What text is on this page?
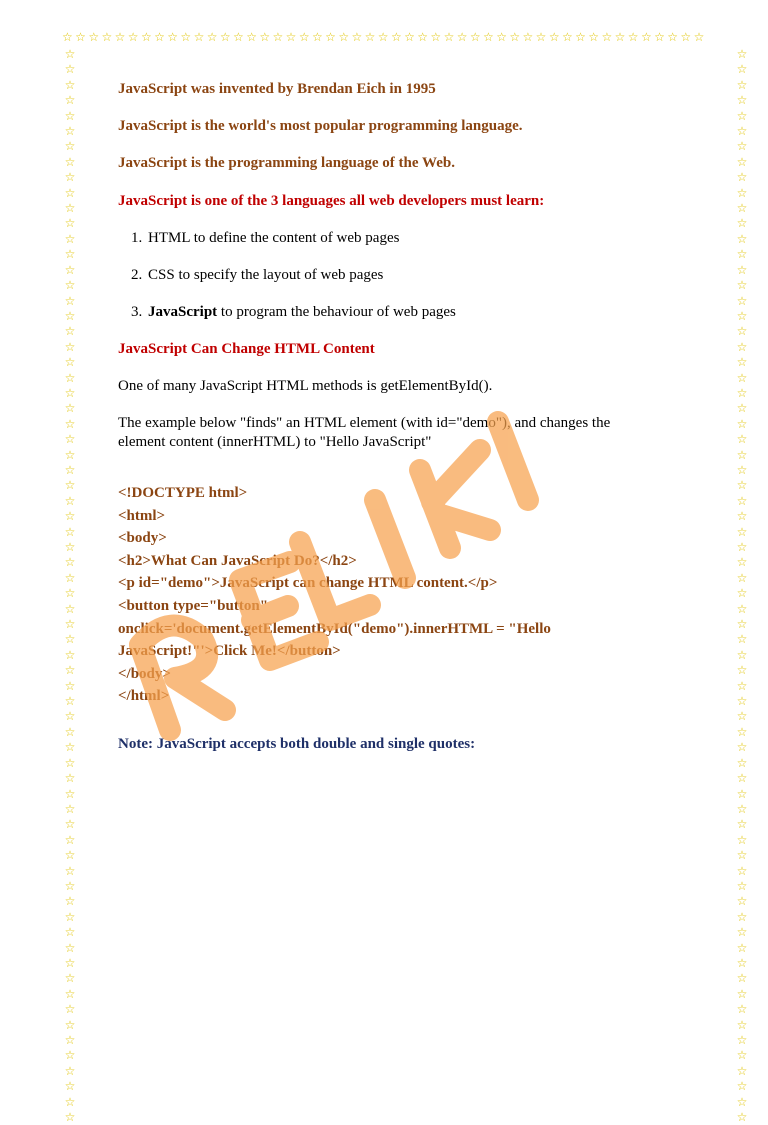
☆☆☆☆☆☆☆☆☆☆☆☆☆☆☆☆☆☆☆☆☆☆☆☆☆☆☆☆☆☆☆☆☆☆☆☆☆☆☆☆☆☆☆☆☆☆☆☆☆
☆
☆
☆
☆
☆
☆
☆
☆
☆
☆
☆
☆
☆
☆
☆
☆
☆
☆
☆
☆
☆
☆
☆
☆
☆
☆
☆
☆
☆
☆
☆
☆
☆
☆
☆
☆
☆
☆
☆
☆
☆
☆
☆
☆
☆
☆
☆
☆
☆
☆
☆
☆
☆
☆
☆
☆
☆
☆
☆
☆
☆
☆
☆
☆
☆
☆
☆
☆
☆
☆
☆
☆
☆
☆
☆
☆
☆
☆
☆
☆
☆
☆
☆
☆
☆
☆
☆
☆
☆
☆
☆
☆
☆
☆
☆
☆
☆
☆
☆
☆
☆
☆
☆
☆
☆
☆
☆
☆
☆
☆
☆
☆
☆
☆
☆
☆
☆
☆
☆
☆
☆
☆
☆
☆
☆
☆
☆
☆
☆
☆
☆
☆
☆
☆
☆
☆
☆
☆
☆
☆

JavaScript was invented by Brendan Eich in 1995

JavaScript is the world's most popular programming language.

JavaScript is the programming language of the Web.

JavaScript is one of the 3 languages all web developers must learn:

1. HTML to define the content of web pages
2. CSS to specify the layout of web pages
3. JavaScript to program the behaviour of web pages

JavaScript Can Change HTML Content

One of many JavaScript HTML methods is getElementById().

The example below "finds" an HTML element (with id="demo"), and changes the element content (innerHTML) to "Hello JavaScript"

<!DOCTYPE html>
<html>
<body>
<h2>What Can JavaScript Do?</h2>
<p id="demo">JavaScript can change HTML content.</p>
<button type="button"
onclick='document.getElementById("demo").innerHTML = "Hello
JavaScript!"'>Click Me!</button>
</body>
</html>

Note: JavaScript accepts both double and single quotes:
